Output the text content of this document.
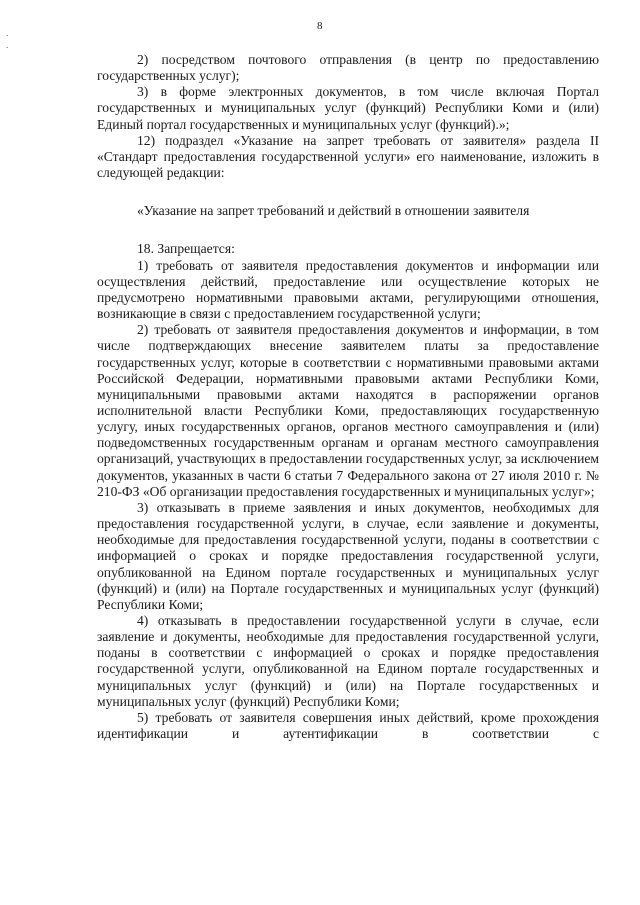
8
.
.

2) посредством почтового отправления (в центр по предоставлению государственных услуг);

3) в форме электронных документов, в том числе включая Портал государственных и муниципальных услуг (функций) Республики Коми и (или) Единый портал государственных и муниципальных услуг (функций).»;

12) подраздел «Указание на запрет требовать от заявителя» раздела II «Стандарт предоставления государственной услуги» его наименование, изложить в следующей редакции:

«Указание на запрет требований и действий в отношении заявителя

18. Запрещается:

1) требовать от заявителя предоставления документов и информации или осуществления действий, предоставление или осуществление которых не предусмотрено нормативными правовыми актами, регулирующими отношения, возникающие в связи с предоставлением государственной услуги;

2) требовать от заявителя предоставления документов и информации, в том числе подтверждающих внесение заявителем платы за предоставление государственных услуг, которые в соответствии с нормативными правовыми актами Российской Федерации, нормативными правовыми актами Республики Коми, муниципальными правовыми актами находятся в распоряжении органов исполнительной власти Республики Коми, предоставляющих государственную услугу, иных государственных органов, органов местного самоуправления и (или) подведомственных государственным органам и органам местного самоуправления организаций, участвующих в предоставлении государственных услуг, за исключением документов, указанных в части 6 статьи 7 Федерального закона от 27 июля 2010 г. № 210-ФЗ «Об организации предоставления государственных и муниципальных услуг»;

3) отказывать в приеме заявления и иных документов, необходимых для предоставления государственной услуги, в случае, если заявление и документы, необходимые для предоставления государственной услуги, поданы в соответствии с информацией о сроках и порядке предоставления государственной услуги, опубликованной на Едином портале государственных и муниципальных услуг (функций) и (или) на Портале государственных и муниципальных услуг (функций) Республики Коми;

4) отказывать в предоставлении государственной услуги в случае, если заявление и документы, необходимые для предоставления государственной услуги, поданы в соответствии с информацией о сроках и порядке предоставления государственной услуги, опубликованной на Едином портале государственных и муниципальных услуг (функций) и (или) на Портале государственных и муниципальных услуг (функций) Республики Коми;

5) требовать от заявителя совершения иных действий, кроме прохождения идентификации и аутентификации в соответствии с
